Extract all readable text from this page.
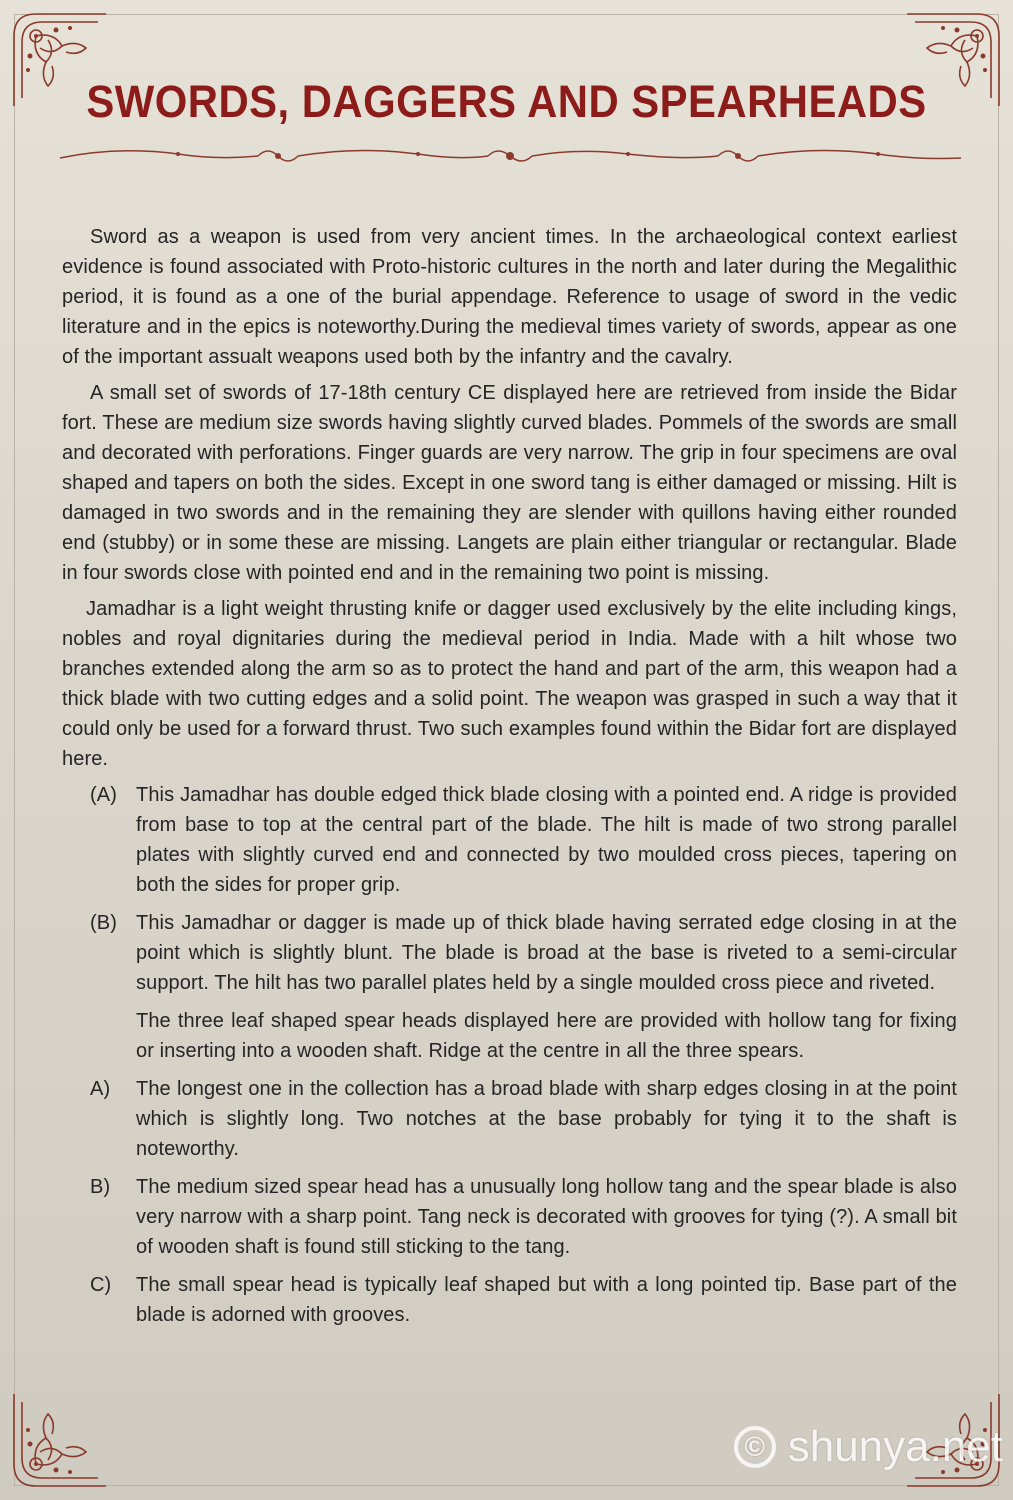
SWORDS, DAGGERS AND SPEARHEADS

Sword as a weapon is used from very ancient times. In the archaeological context earliest evidence is found associated with Proto-historic cultures in the north and later during the Megalithic period, it is found as a one of the burial appendage. Reference to usage of sword in the vedic literature and in the epics is noteworthy.During the medieval times variety of swords, appear as one of the important assualt weapons used both by the infantry and the cavalry.

A small set of swords of 17-18th century CE displayed here are retrieved from inside the Bidar fort. These are medium size swords having slightly curved blades. Pommels of the swords are small and decorated with perforations. Finger guards are very narrow. The grip in four specimens are oval shaped and tapers on both the sides. Except in one sword tang is either damaged or missing. Hilt is damaged in two swords and in the remaining they are slender with quillons having either rounded end (stubby) or in some these are missing. Langets are plain either triangular or rectangular. Blade in four swords close with pointed end and in the remaining two point is missing.

Jamadhar is a light weight thrusting knife or dagger used exclusively by the elite including kings, nobles and royal dignitaries during the medieval period in India. Made with a hilt whose two branches extended along the arm so as to protect the hand and part of the arm, this weapon had a thick blade with two cutting edges and a solid point. The weapon was grasped in such a way that it could only be used for a forward thrust. Two such examples found within the Bidar fort are displayed here.

(A) This Jamadhar has double edged thick blade closing with a pointed end. A ridge is provided from base to top at the central part of the blade. The hilt is made of two strong parallel plates with slightly curved end and connected by two moulded cross pieces, tapering on both the sides for proper grip.
(B) This Jamadhar or dagger is made up of thick blade having serrated edge closing in at the point which is slightly blunt. The blade is broad at the base is riveted to a semi-circular support. The hilt has two parallel plates held by a single moulded cross piece and riveted.

The three leaf shaped spear heads displayed here are provided with hollow tang for fixing or inserting into a wooden shaft. Ridge at the centre in all the three spears.

A)	The longest one in the collection has a broad blade with sharp edges closing in at the point which is slightly long. Two notches at the base probably for tying it to the shaft is noteworthy.
B)	The medium sized spear head has a unusually long hollow tang and the spear blade is also very narrow with a sharp point. Tang neck is decorated with grooves for tying (?). A small bit of wooden shaft is found still sticking to the tang.
C)	The small spear head is typically leaf shaped but with a long pointed tip. Base part of the blade is adorned with grooves.
© shunya.net
